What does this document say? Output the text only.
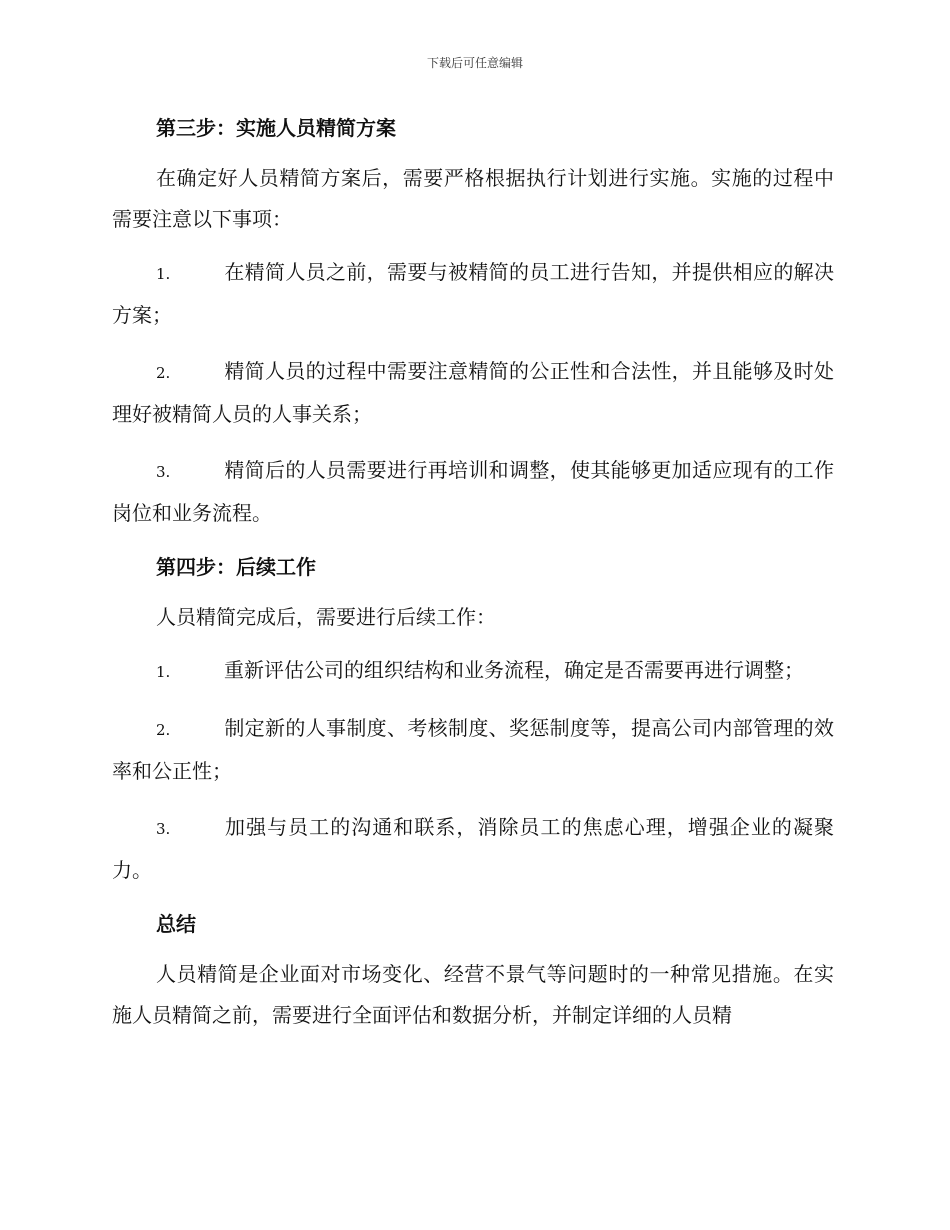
下载后可任意编辑
第三步：实施人员精简方案

在确定好人员精简方案后，需要严格根据执行计划进行实施。实施的过程中需要注意以下事项：

1.	在精简人员之前，需要与被精简的员工进行告知，并提供相应的解决方案；
2.	精简人员的过程中需要注意精简的公正性和合法性，并且能够及时处理好被精简人员的人事关系；
3.	精简后的人员需要进行再培训和调整，使其能够更加适应现有的工作岗位和业务流程。
第四步：后续工作

人员精简完成后，需要进行后续工作：

1.	重新评估公司的组织结构和业务流程，确定是否需要再进行调整；
2.	制定新的人事制度、考核制度、奖惩制度等，提高公司内部管理的效率和公正性；
3.	加强与员工的沟通和联系，消除员工的焦虑心理，增强企业的凝聚力。
总结

人员精简是企业面对市场变化、经营不景气等问题时的一种常见措施。在实施人员精简之前，需要进行全面评估和数据分析，并制定详细的人员精
